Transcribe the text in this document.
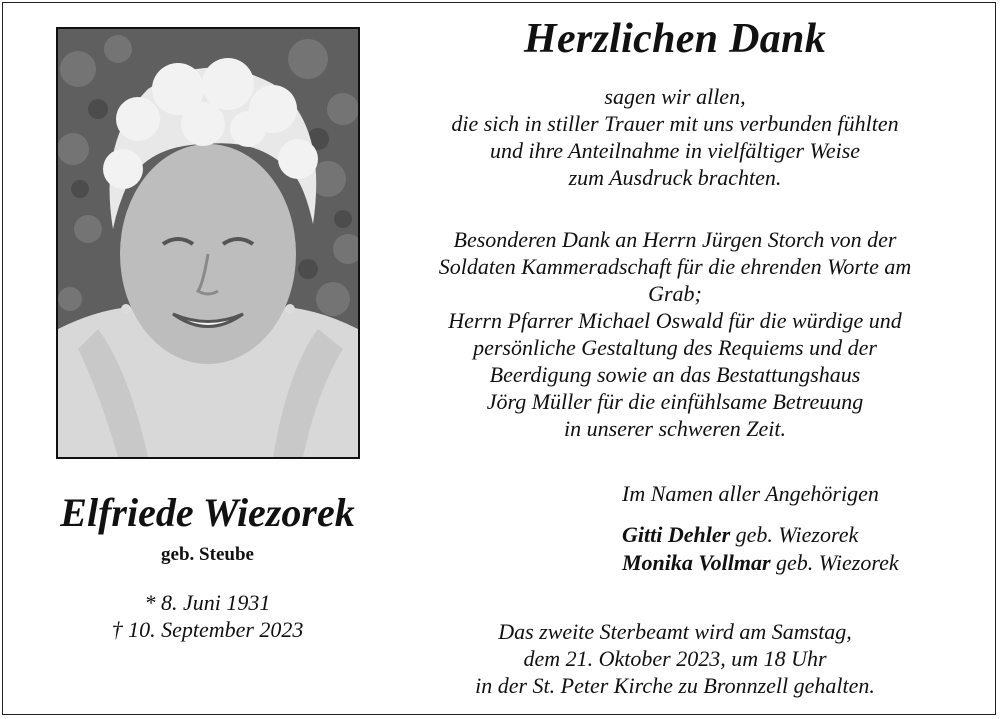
Herzlichen Dank
sagen wir allen,
die sich in stiller Trauer mit uns verbunden fühlten
und ihre Anteilnahme in vielfältiger Weise
zum Ausdruck brachten.
Besonderen Dank an Herrn Jürgen Storch von der
Soldaten Kammeradschaft für die ehrenden Worte am
Grab;
Herrn Pfarrer Michael Oswald für die würdige und
persönliche Gestaltung des Requiems und der
Beerdigung sowie an das Bestattungshaus
Jörg Müller für die einfühlsame Betreuung
in unserer schweren Zeit.
Im Namen aller Angehörigen
Gitti Dehler geb. Wiezorek
Monika Vollmar geb. Wiezorek
Das zweite Sterbeamt wird am Samstag,
dem 21. Oktober 2023, um 18 Uhr
in der St. Peter Kirche zu Bronnzell gehalten.
Elfriede Wiezorek
geb. Steube
* 8. Juni 1931
† 10. September 2023
